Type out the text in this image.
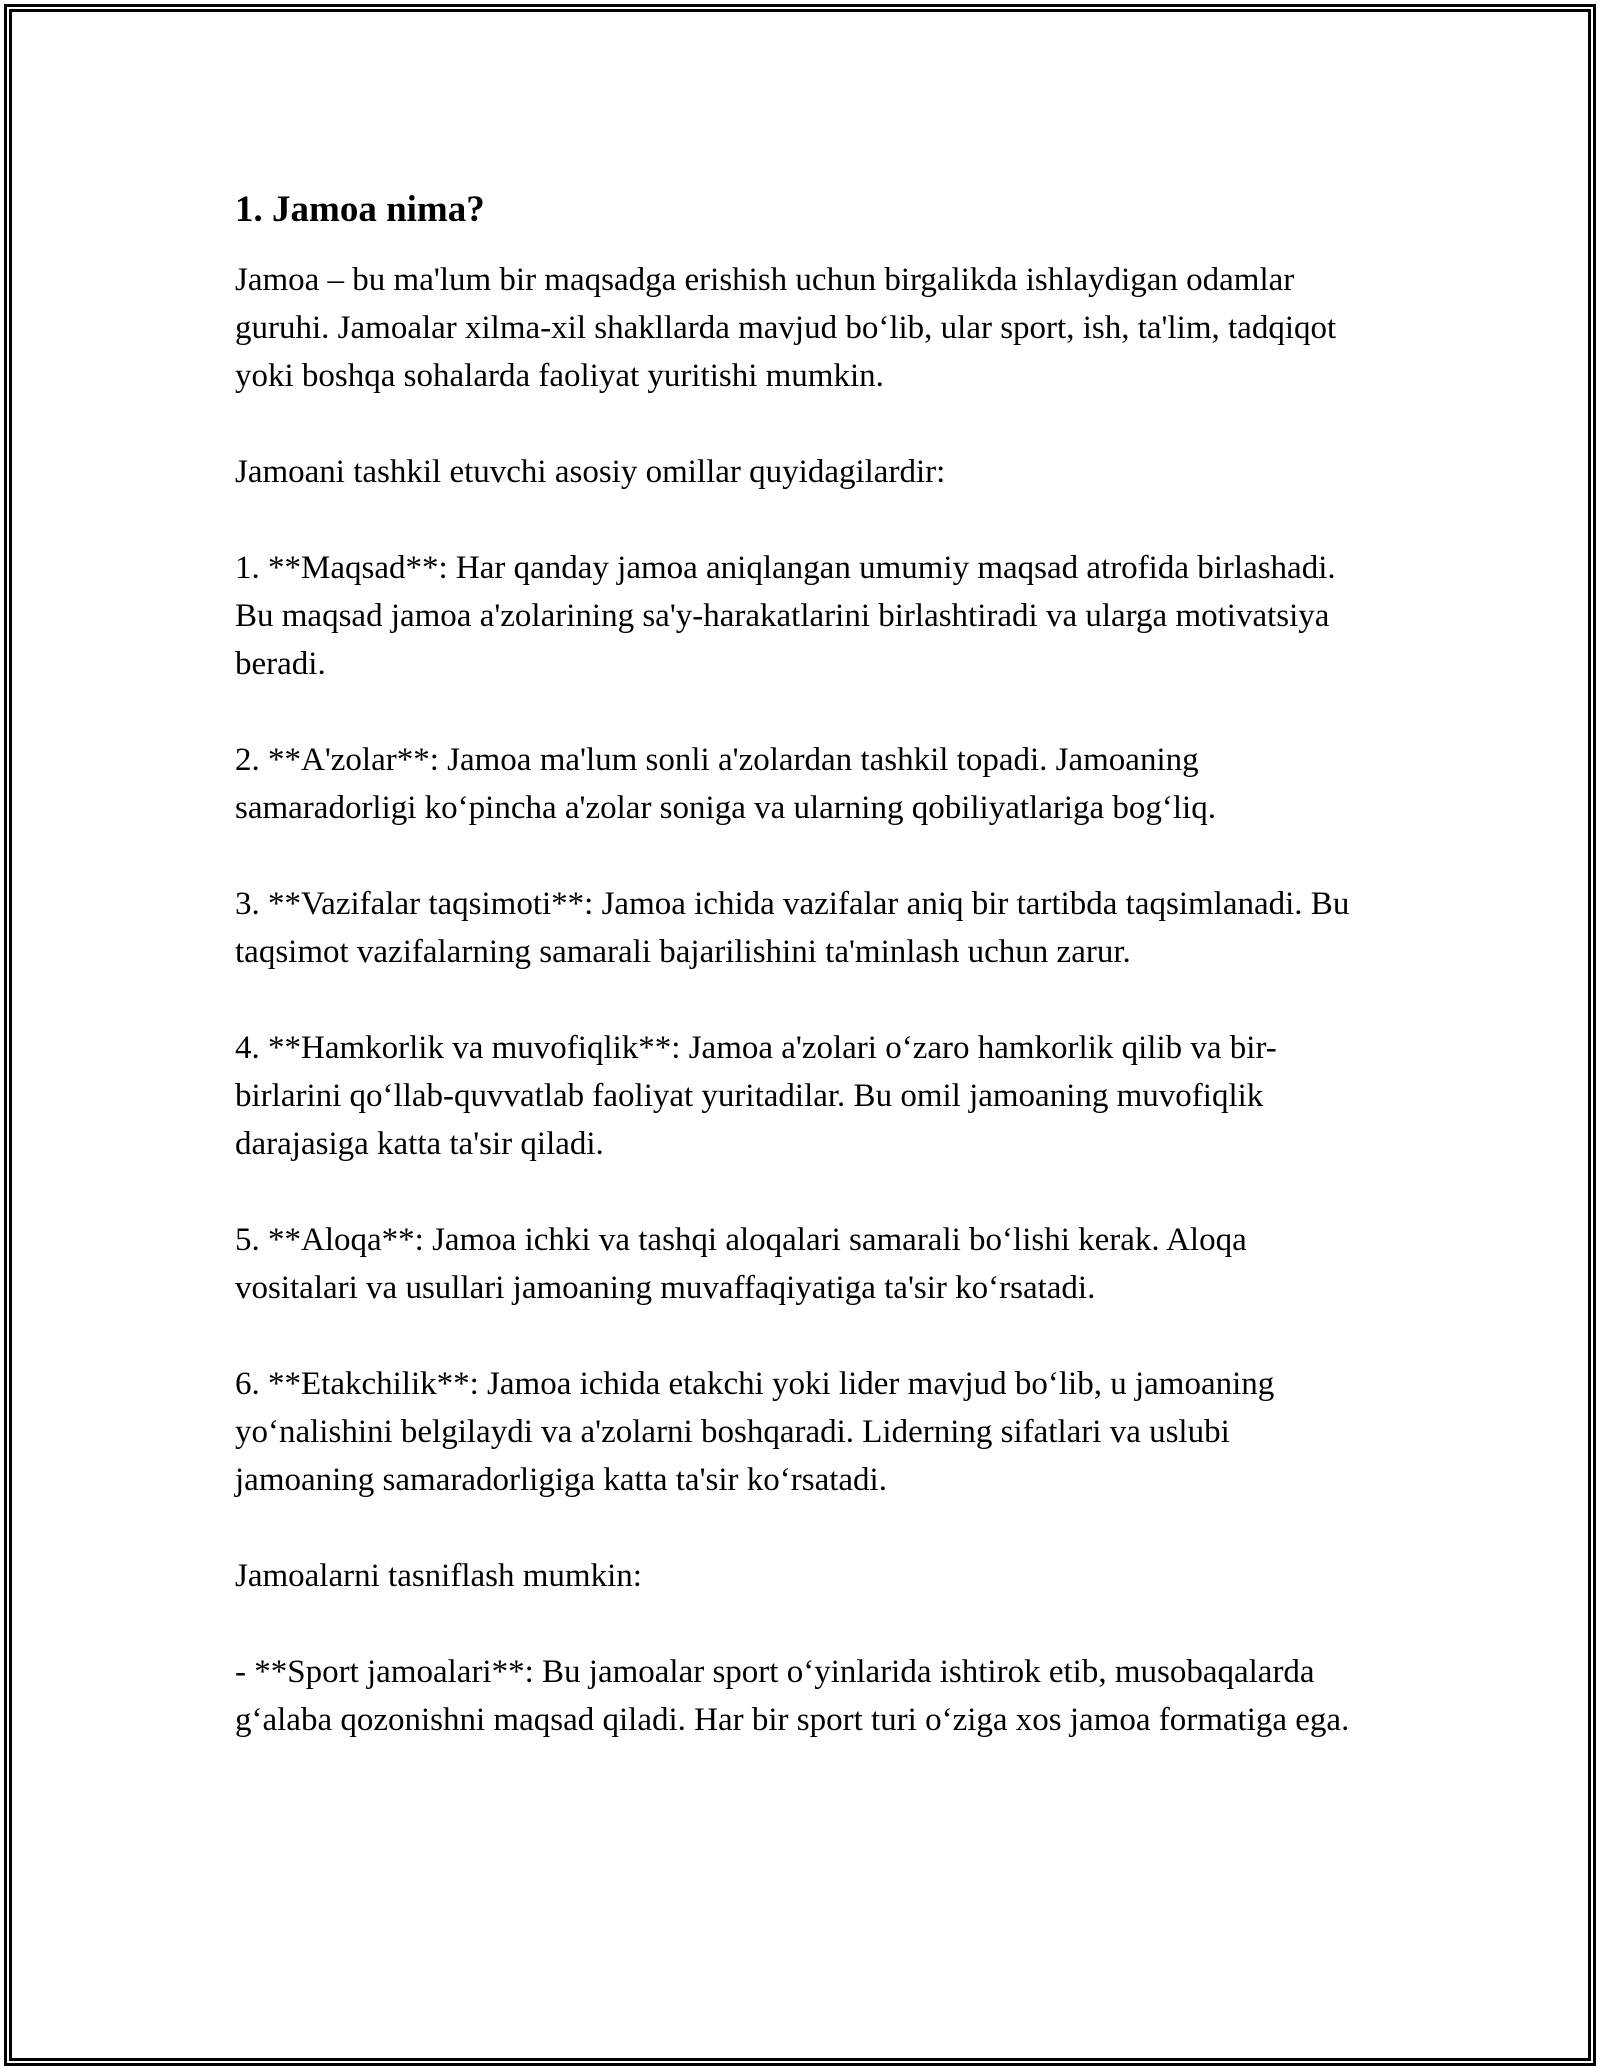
1. Jamoa nima?

Jamoa – bu ma'lum bir maqsadga erishish uchun birgalikda ishlaydigan odamlar guruhi. Jamoalar xilma-xil shakllarda mavjud bo‘lib, ular sport, ish, ta'lim, tadqiqot yoki boshqa sohalarda faoliyat yuritishi mumkin.

Jamoani tashkil etuvchi asosiy omillar quyidagilardir:

1. **Maqsad**: Har qanday jamoa aniqlangan umumiy maqsad atrofida birlashadi. Bu maqsad jamoa a'zolarining sa'y-harakatlarini birlashtiradi va ularga motivatsiya beradi.

2. **A'zolar**: Jamoa ma'lum sonli a'zolardan tashkil topadi. Jamoaning samaradorligi ko‘pincha a'zolar soniga va ularning qobiliyatlariga bog‘liq.

3. **Vazifalar taqsimoti**: Jamoa ichida vazifalar aniq bir tartibda taqsimlanadi. Bu taqsimot vazifalarning samarali bajarilishini ta'minlash uchun zarur.

4. **Hamkorlik va muvofiqlik**: Jamoa a'zolari o‘zaro hamkorlik qilib va bir-birlarini qo‘llab-quvvatlab faoliyat yuritadilar. Bu omil jamoaning muvofiqlik darajasiga katta ta'sir qiladi.

5. **Aloqa**: Jamoa ichki va tashqi aloqalari samarali bo‘lishi kerak. Aloqa vositalari va usullari jamoaning muvaffaqiyatiga ta'sir ko‘rsatadi.

6. **Etakchilik**: Jamoa ichida etakchi yoki lider mavjud bo‘lib, u jamoaning yo‘nalishini belgilaydi va a'zolarni boshqaradi. Liderning sifatlari va uslubi jamoaning samaradorligiga katta ta'sir ko‘rsatadi.

Jamoalarni tasniflash mumkin:

- **Sport jamoalari**: Bu jamoalar sport o‘yinlarida ishtirok etib, musobaqalarda g‘alaba qozonishni maqsad qiladi. Har bir sport turi o‘ziga xos jamoa formatiga ega.
